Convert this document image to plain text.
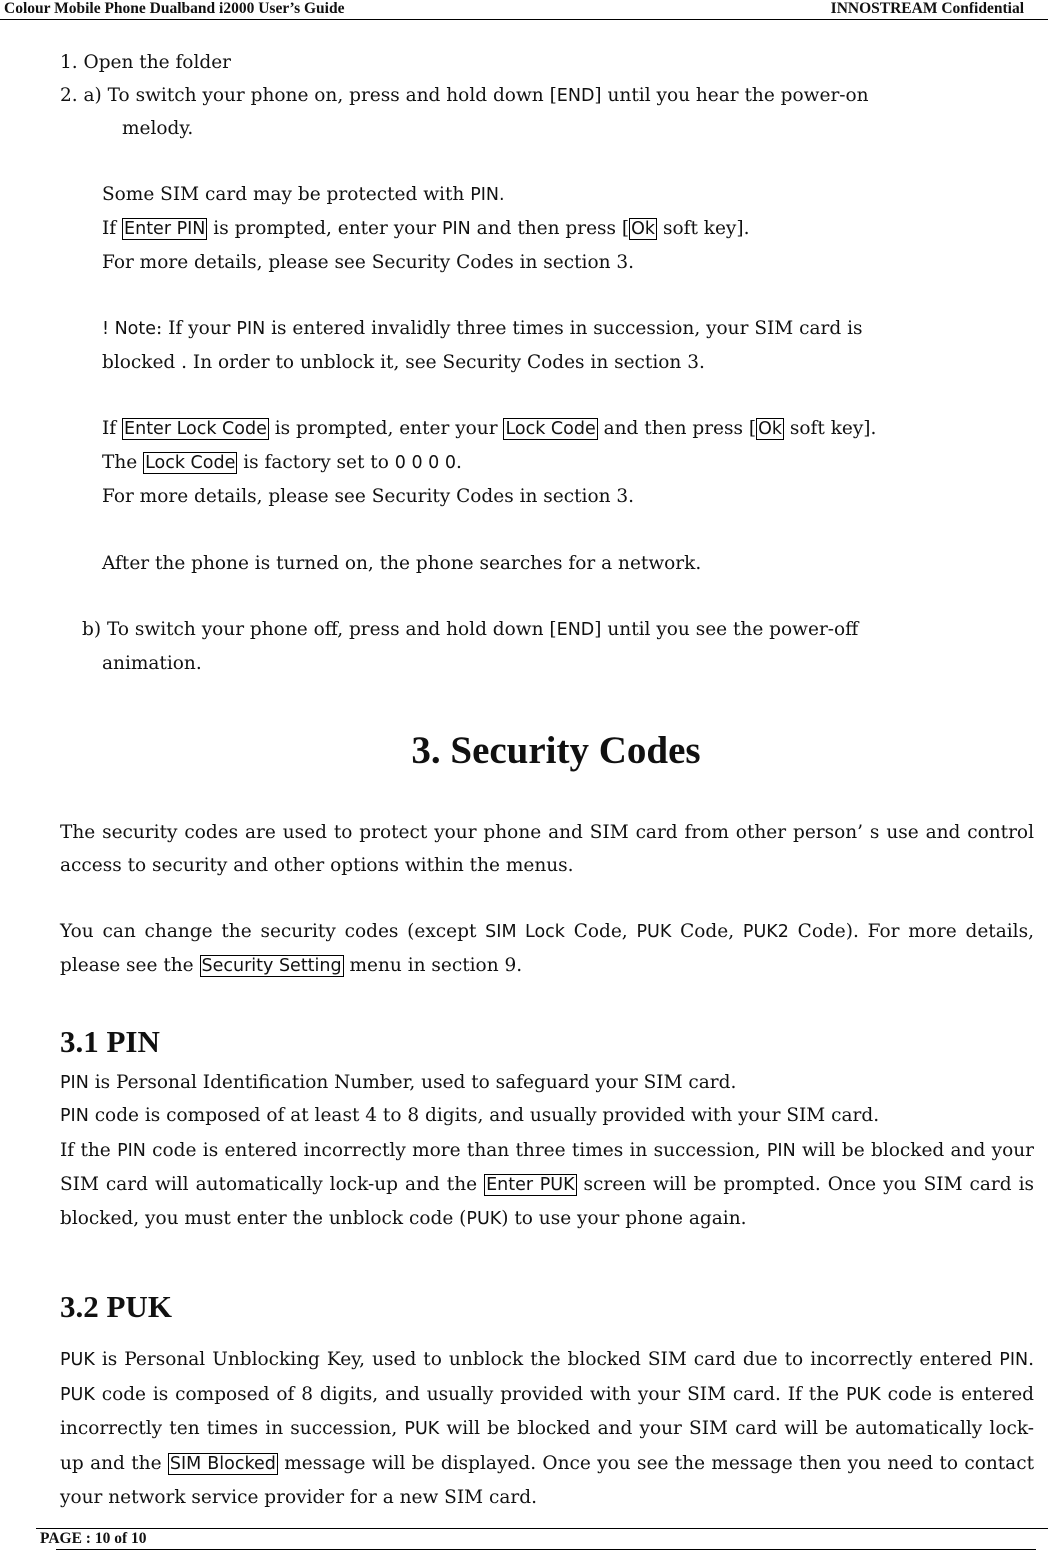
Colour Mobile Phone Dualband i2000 User’s Guide	INNOSTREAM Confidential
1. Open the folder
2. a) To switch your phone on, press and hold down [END] until you hear the power-on
melody.
Some SIM card may be protected with PIN.
If Enter PIN is prompted, enter your PIN and then press [ Ok soft key].
For more details, please see Security Codes in section 3.
! Note: If your PIN is entered invalidly three times in succession, your SIM card is
blocked . In order to unblock it, see Security Codes in section 3.
If Enter Lock Code is prompted, enter your Lock Code and then press [ Ok soft key].
The Lock Code is factory set to 0 0 0 0.
For more details, please see Security Codes in section 3.
After the phone is turned on, the phone searches for a network.
b) To switch your phone off, press and hold down [END] until you see the power-off
animation.
3. Security Codes
The security codes are used to protect your phone and SIM card from other person’ s use and control access to security and other options within the menus.
You can change the security codes (except SIM Lock Code, PUK Code, PUK2 Code). For more details, please see the Security Setting menu in section 9.
3.1 PIN
PIN is Personal Identification Number, used to safeguard your SIM card.
PIN code is composed of at least 4 to 8 digits, and usually provided with your SIM card.
If the PIN code is entered incorrectly more than three times in succession, PIN will be blocked and your SIM card will automatically lock-up and the Enter PUK screen will be prompted. Once you SIM card is blocked, you must enter the unblock code (PUK) to use your phone again.
3.2 PUK
PUK is Personal Unblocking Key, used to unblock the blocked SIM card due to incorrectly entered PIN. PUK code is composed of 8 digits, and usually provided with your SIM card. If the PUK code is entered incorrectly ten times in succession, PUK will be blocked and your SIM card will be automatically lock-up and the SIM Blocked message will be displayed. Once you see the message then you need to contact your network service provider for a new SIM card.
PAGE : 10 of 10
